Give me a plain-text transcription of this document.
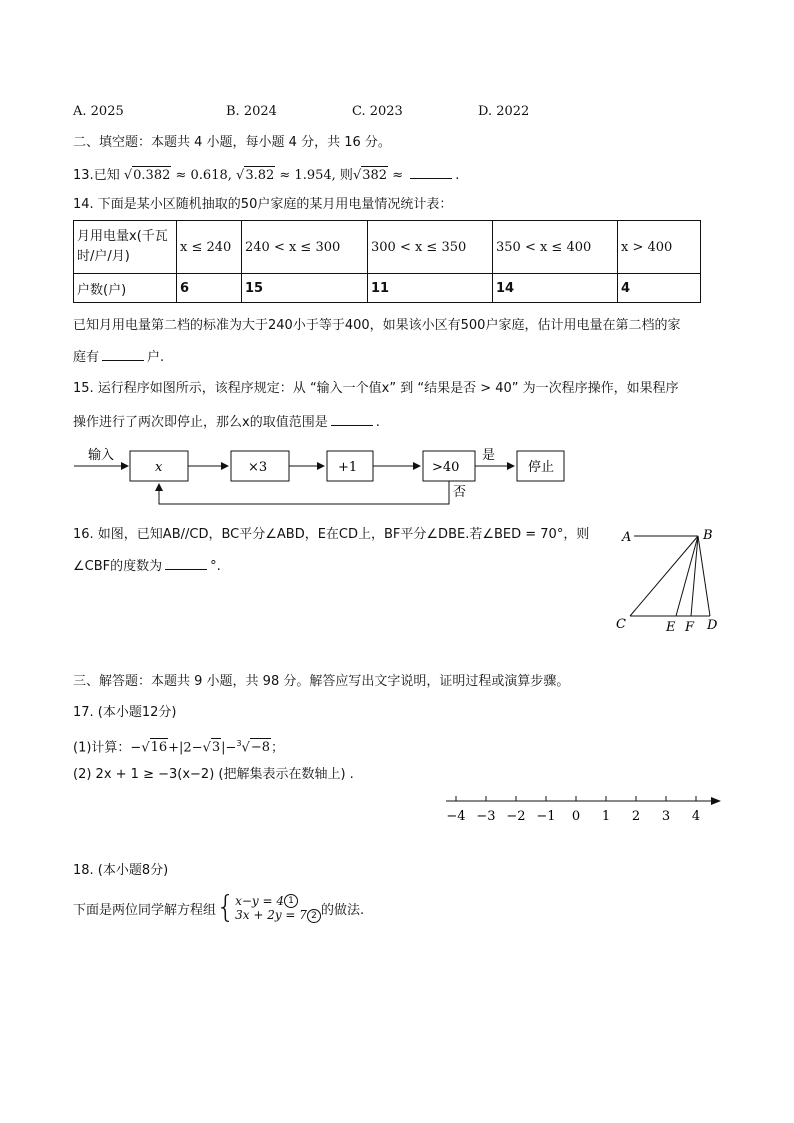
A. 2025	B. 2024	C. 2023	D. 2022
二、填空题：本题共 4 小题，每小题 4 分，共 16 分。
13.已知 √0.382 ≈ 0.618, √3.82 ≈ 1.954, 则√382 ≈	.
14. 下面是某小区随机抽取的50户家庭的某月用电量情况统计表：
月用电量x(千瓦时/户/月)	x ≤ 240	240 < x ≤ 300	300 < x ≤ 350	350 < x ≤ 400	x > 400
户数(户)	6	15	11	14	4
已知月用电量第二档的标准为大于240小于等于400，如果该小区有500户家庭，估计用电量在第二档的家
庭有	户.
15. 运行程序如图所示，该程序规定：从 “输入一个值x” 到 “结果是否 > 40” 为一次程序操作，如果程序
操作进行了两次即停止，那么x的取值范围是	.
输入
x	×3	+1	>40
是
停止
否
16. 如图，已知AB//CD，BC平分∠ABD，E在CD上，BF平分∠DBE.若∠BED = 70°，则
∠CBF的度数为	°.
A	B
C	E F D
三、解答题：本题共 9 小题，共 98 分。解答应写出文字说明，证明过程或演算步骤。
17. (本小题12分)
(1)计算：−√16+|2−√3|−$^3$√−8；
(2) 2x + 1 ≥ −3(x−2) (把解集表示在数轴上) .
−4 −3 −2 −1 0 1 2 3 4
18. (本小题8分)
下面是两位同学解方程组 { x−y = 4 1
3x + 2y = 7 2 的做法.
